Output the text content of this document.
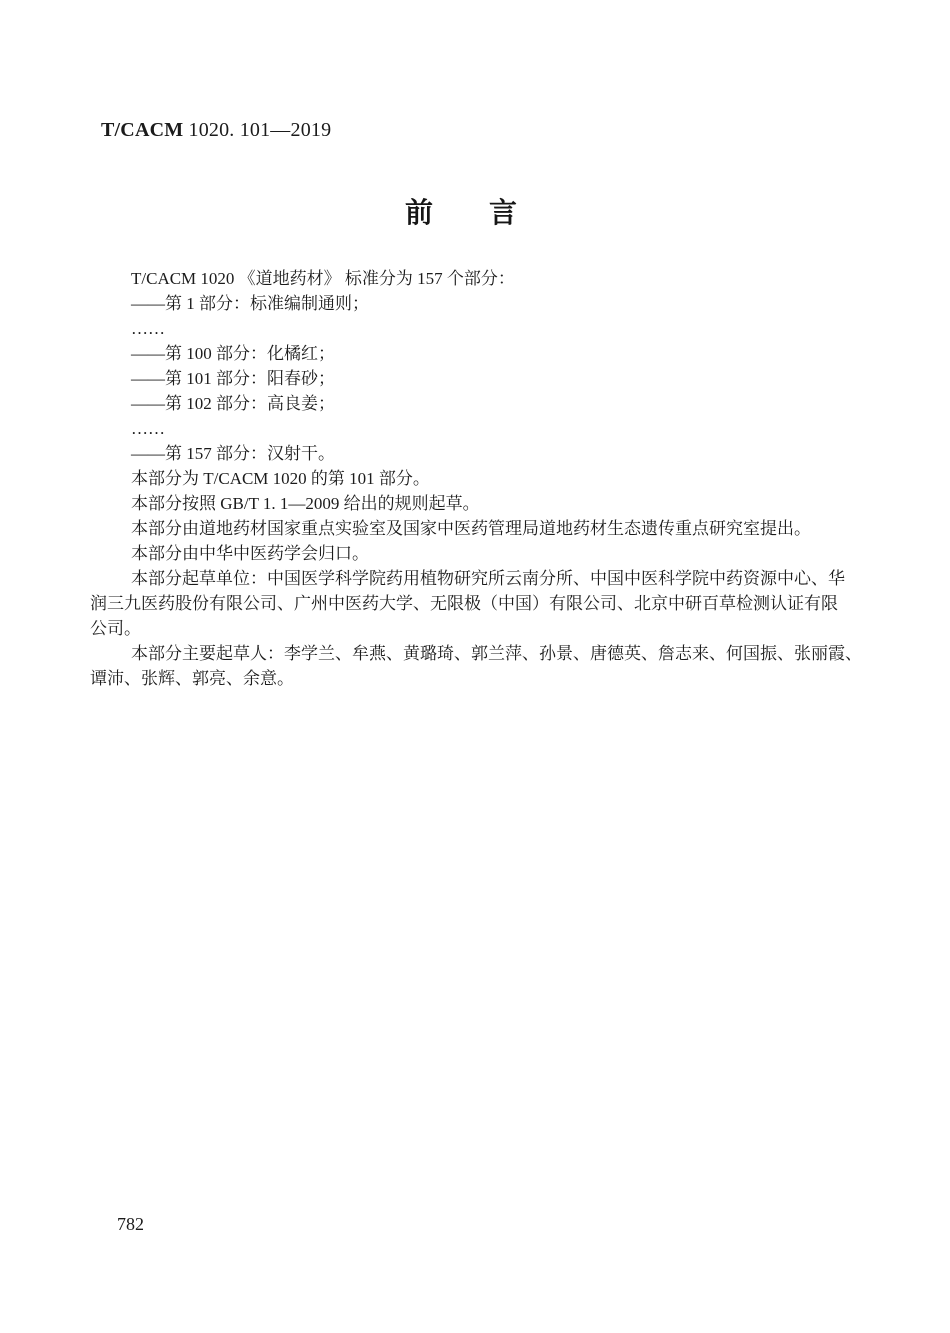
T/CACM 1020. 101—2019
前　　言
T/CACM 1020 《道地药材》 标准分为 157 个部分：
——第 1 部分：标准编制通则；
……
——第 100 部分：化橘红；
——第 101 部分：阳春砂；
——第 102 部分：高良姜；
……
——第 157 部分：汉射干。
本部分为 T/CACM 1020 的第 101 部分。
本部分按照 GB/T 1. 1—2009 给出的规则起草。
本部分由道地药材国家重点实验室及国家中医药管理局道地药材生态遗传重点研究室提出。
本部分由中华中医药学会归口。
本部分起草单位：中国医学科学院药用植物研究所云南分所、中国中医科学院中药资源中心、华
润三九医药股份有限公司、广州中医药大学、无限极（中国）有限公司、北京中研百草检测认证有限
公司。
本部分主要起草人：李学兰、牟燕、黄璐琦、郭兰萍、孙景、唐德英、詹志来、何国振、张丽霞、
谭沛、张辉、郭亮、余意。
782
